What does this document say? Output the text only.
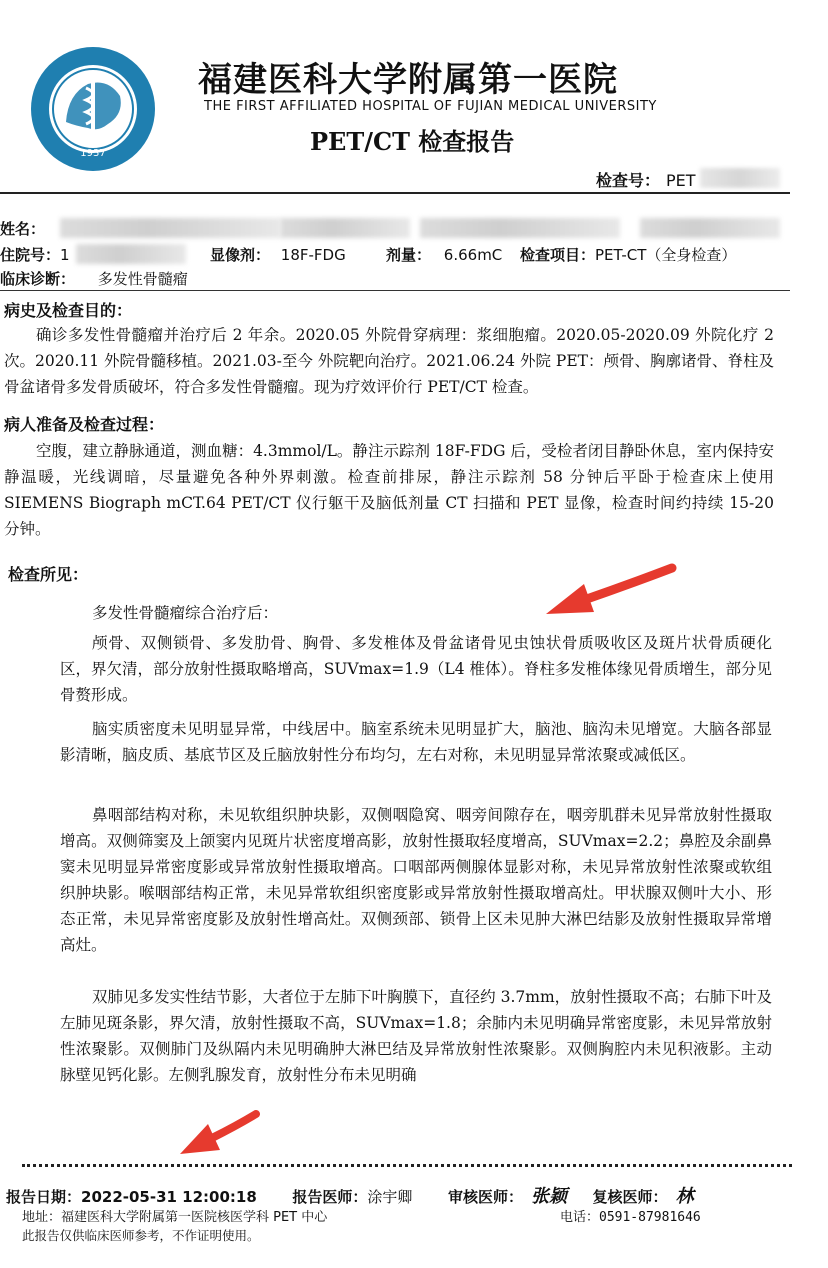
1937
福建医科大学附属第一医院
THE FIRST AFFILIATED HOSPITAL OF FUJIAN MEDICAL UNIVERSITY
PET/CT 检查报告
检查号： PET
姓名：
住院号：1	显像剂： 18F-FDG	剂量： 6.66mC 检查项目：PET-CT（全身检查）
临床诊断： 多发性骨髓瘤
病史及检查目的：
确诊多发性骨髓瘤并治疗后 2 年余。2020.05 外院骨穿病理：浆细胞瘤。2020.05-2020.09 外院化疗 2 次。2020.11 外院骨髓移植。2021.03-至今 外院靶向治疗。2021.06.24 外院 PET：颅骨、胸廓诸骨、脊柱及骨盆诸骨多发骨质破坏，符合多发性骨髓瘤。现为疗效评价行 PET/CT 检查。
病人准备及检查过程：
空腹，建立静脉通道，测血糖：4.3mmol/L。静注示踪剂 18F-FDG 后，受检者闭目静卧休息，室内保持安静温暖，光线调暗，尽量避免各种外界刺激。检查前排尿，静注示踪剂 58 分钟后平卧于检查床上使用 SIEMENS Biograph mCT.64 PET/CT 仪行躯干及脑低剂量 CT 扫描和 PET 显像，检查时间约持续 15-20 分钟。
检查所见：
多发性骨髓瘤综合治疗后：
颅骨、双侧锁骨、多发肋骨、胸骨、多发椎体及骨盆诸骨见虫蚀状骨质吸收区及斑片状骨质硬化区，界欠清，部分放射性摄取略增高，SUVmax=1.9（L4 椎体）。脊柱多发椎体缘见骨质增生，部分见骨赘形成。
脑实质密度未见明显异常，中线居中。脑室系统未见明显扩大，脑池、脑沟未见增宽。大脑各部显影清晰，脑皮质、基底节区及丘脑放射性分布均匀，左右对称，未见明显异常浓聚或减低区。
鼻咽部结构对称，未见软组织肿块影，双侧咽隐窝、咽旁间隙存在，咽旁肌群未见异常放射性摄取增高。双侧筛窦及上颌窦内见斑片状密度增高影，放射性摄取轻度增高，SUVmax=2.2；鼻腔及余副鼻窦未见明显异常密度影或异常放射性摄取增高。口咽部两侧腺体显影对称，未见异常放射性浓聚或软组织肿块影。喉咽部结构正常，未见异常软组织密度影或异常放射性摄取增高灶。甲状腺双侧叶大小、形态正常，未见异常密度影及放射性增高灶。双侧颈部、锁骨上区未见肿大淋巴结影及放射性摄取异常增高灶。
双肺见多发实性结节影，大者位于左肺下叶胸膜下，直径约 3.7mm，放射性摄取不高；右肺下叶及左肺见斑条影，界欠清，放射性摄取不高，SUVmax=1.8；余肺内未见明确异常密度影，未见异常放射性浓聚影。双侧肺门及纵隔内未见明确肿大淋巴结及异常放射性浓聚影。双侧胸腔内未见积液影。主动脉壁见钙化影。左侧乳腺发育，放射性分布未见明确
报告日期：2022-05-31 12:00:18 报告医师：涂宇卿 审核医师： 张颖 复核医师： 林
地址：福建医科大学附属第一医院核医学科 PET 中心	电话：0591-87981646
此报告仅供临床医师参考，不作证明使用。
